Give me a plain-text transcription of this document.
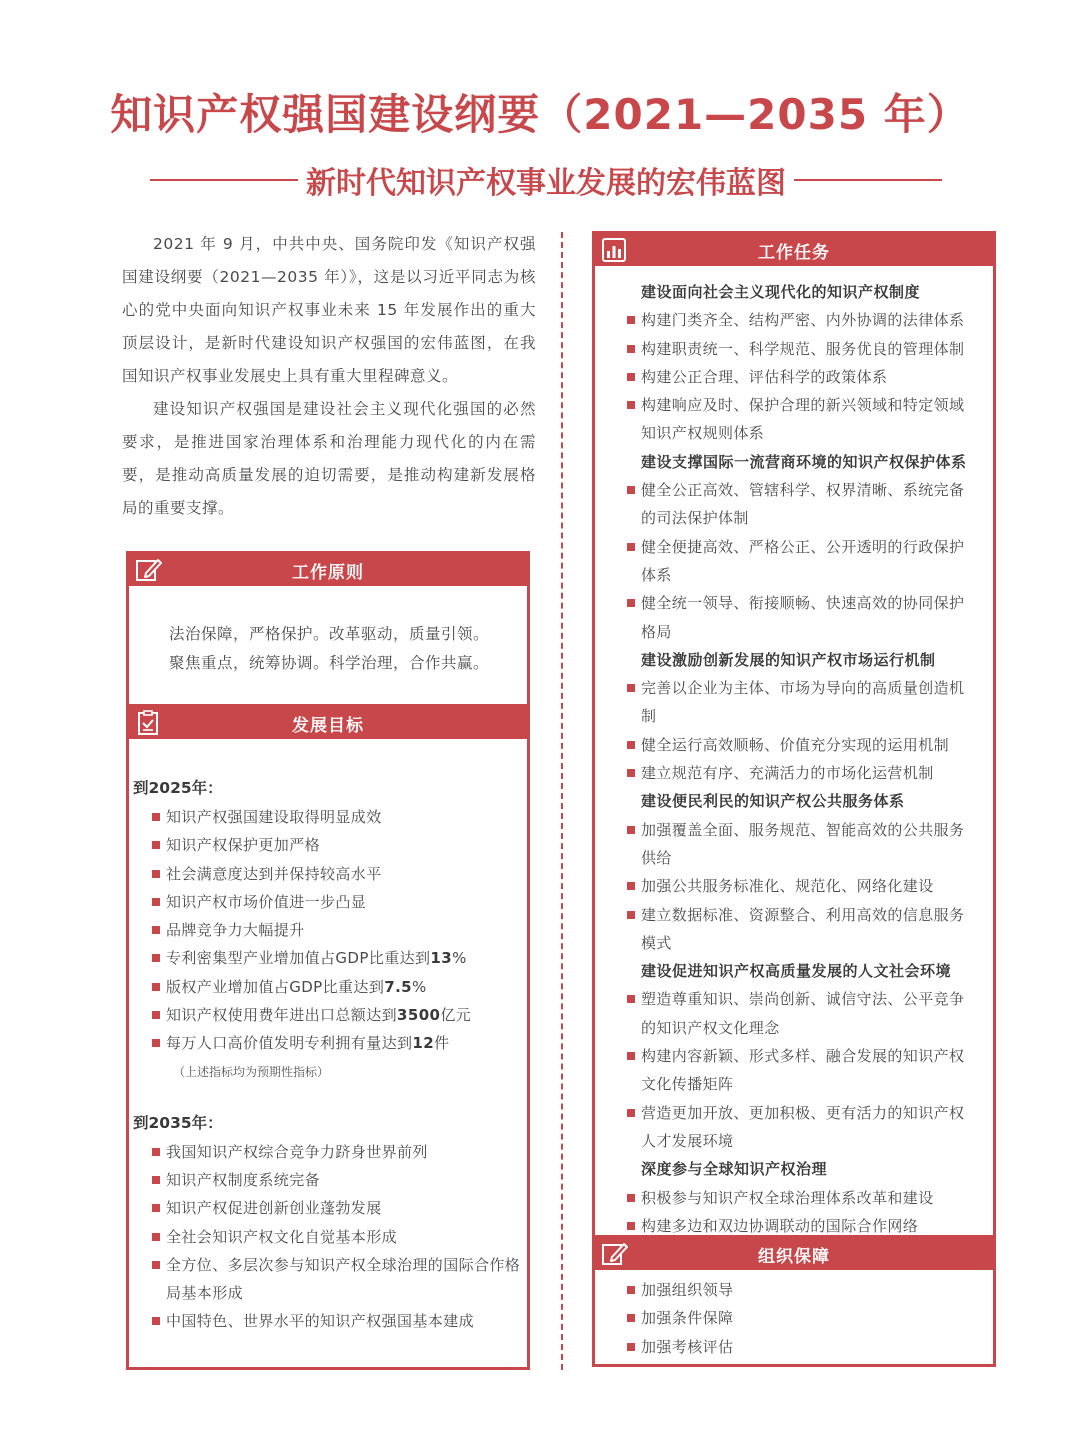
知识产权强国建设纲要（2021—2035 年）
新时代知识产权事业发展的宏伟蓝图

2021 年 9 月，中共中央、国务院印发《知识产权强国建设纲要（2021—2035 年）》，这是以习近平同志为核心的党中央面向知识产权事业未来 15 年发展作出的重大顶层设计，是新时代建设知识产权强国的宏伟蓝图，在我国知识产权事业发展史上具有重大里程碑意义。

建设知识产权强国是建设社会主义现代化强国的必然要求，是推进国家治理体系和治理能力现代化的内在需要，是推动高质量发展的迫切需要，是推动构建新发展格局的重要支撑。

工作原则
法治保障，严格保护。改革驱动，质量引领。
聚焦重点，统筹协调。科学治理，合作共赢。
发展目标
到2025年：
知识产权强国建设取得明显成效
知识产权保护更加严格
社会满意度达到并保持较高水平
知识产权市场价值进一步凸显
品牌竞争力大幅提升
专利密集型产业增加值占GDP比重达到13%
版权产业增加值占GDP比重达到7.5%
知识产权使用费年进出口总额达到3500亿元
每万人口高价值发明专利拥有量达到12件
（上述指标均为预期性指标）
到2035年：
我国知识产权综合竞争力跻身世界前列
知识产权制度系统完备
知识产权促进创新创业蓬勃发展
全社会知识产权文化自觉基本形成
全方位、多层次参与知识产权全球治理的国际合作格局基本形成
中国特色、世界水平的知识产权强国基本建成
工作任务
建设面向社会主义现代化的知识产权制度
构建门类齐全、结构严密、内外协调的法律体系
构建职责统一、科学规范、服务优良的管理体制
构建公正合理、评估科学的政策体系
构建响应及时、保护合理的新兴领域和特定领域知识产权规则体系
建设支撑国际一流营商环境的知识产权保护体系
健全公正高效、管辖科学、权界清晰、系统完备的司法保护体制
健全便捷高效、严格公正、公开透明的行政保护体系
健全统一领导、衔接顺畅、快速高效的协同保护格局
建设激励创新发展的知识产权市场运行机制
完善以企业为主体、市场为导向的高质量创造机制
健全运行高效顺畅、价值充分实现的运用机制
建立规范有序、充满活力的市场化运营机制
建设便民利民的知识产权公共服务体系
加强覆盖全面、服务规范、智能高效的公共服务供给
加强公共服务标准化、规范化、网络化建设
建立数据标准、资源整合、利用高效的信息服务模式
建设促进知识产权高质量发展的人文社会环境
塑造尊重知识、崇尚创新、诚信守法、公平竞争的知识产权文化理念
构建内容新颖、形式多样、融合发展的知识产权文化传播矩阵
营造更加开放、更加积极、更有活力的知识产权人才发展环境
深度参与全球知识产权治理
积极参与知识产权全球治理体系改革和建设
构建多边和双边协调联动的国际合作网络
组织保障
加强组织领导
加强条件保障
加强考核评估
